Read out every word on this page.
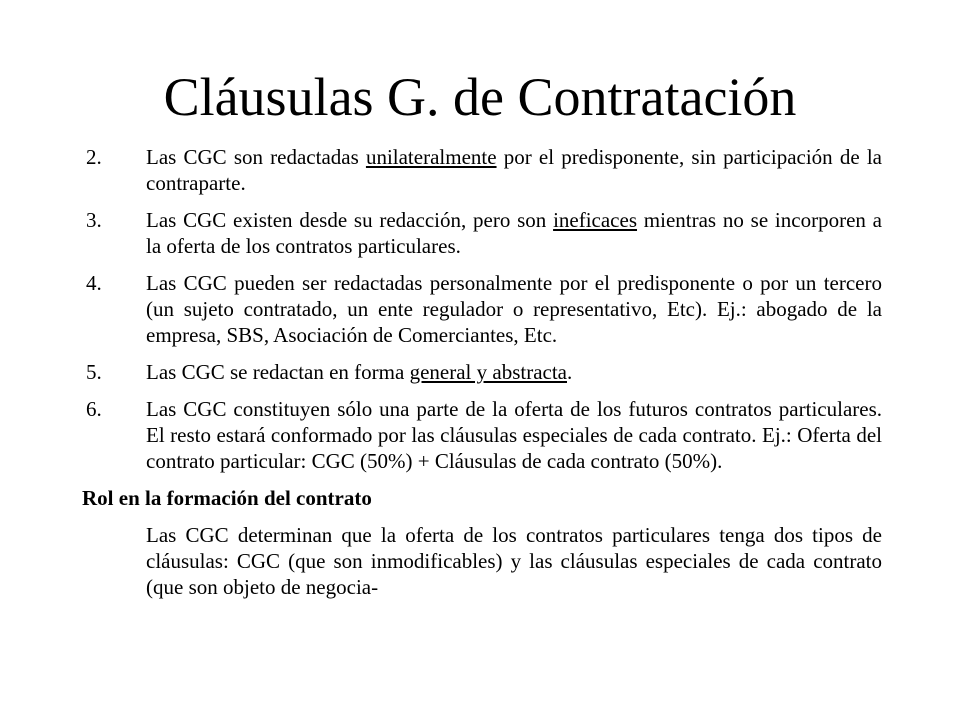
Cláusulas G. de Contratación
2. Las CGC son redactadas unilateralmente por el predisponente, sin participación de la contraparte.
3. Las CGC existen desde su redacción, pero son ineficaces mientras no se incorporen a la oferta de los contratos particulares.
4. Las CGC pueden ser redactadas personalmente por el predisponente o por un tercero (un sujeto contratado, un ente regulador o representativo, Etc). Ej.: abogado de la empresa, SBS, Asociación de Comerciantes, Etc.
5. Las CGC se redactan en forma general y abstracta.
6. Las CGC constituyen sólo una parte de la oferta de los futuros contratos particulares. El resto estará conformado por las cláusulas especiales de cada contrato. Ej.: Oferta del contrato particular: CGC (50%) + Cláusulas de cada contrato (50%).
Rol en la formación del contrato
Las CGC determinan que la oferta de los contratos particulares tenga dos tipos de cláusulas: CGC (que son inmodificables) y las cláusulas especiales de cada contrato (que son objeto de negocia-
